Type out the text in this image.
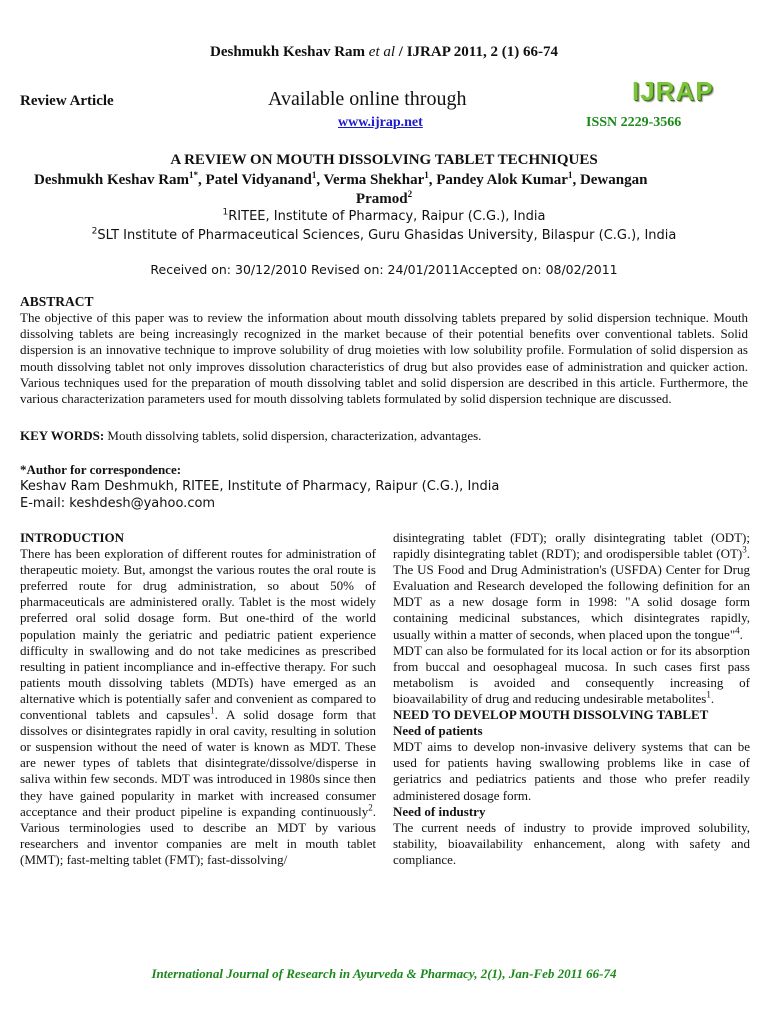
Deshmukh Keshav Ram et al / IJRAP 2011, 2 (1) 66-74
Review Article	Available online through
www.ijrap.net
IJRAP
ISSN 2229-3566
A REVIEW ON MOUTH DISSOLVING TABLET TECHNIQUES
Deshmukh Keshav Ram$^{1*}$, Patel Vidyanand$^1$, Verma Shekhar$^1$, Pandey Alok Kumar$^1$, Dewangan
Pramod$^2$
$^1$RITEE, Institute of Pharmacy, Raipur (C.G.), India
$^2$SLT Institute of Pharmaceutical Sciences, Guru Ghasidas University, Bilaspur (C.G.), India
Received on: 30/12/2010 Revised on: 24/01/2011Accepted on: 08/02/2011
ABSTRACT
The objective of this paper was to review the information about mouth dissolving tablets prepared by solid dispersion technique. Mouth dissolving tablets are being increasingly recognized in the market because of their potential benefits over conventional tablets. Solid dispersion is an innovative technique to improve solubility of drug moieties with low solubility profile. Formulation of solid dispersion as mouth dissolving tablet not only improves dissolution characteristics of drug but also provides ease of administration and quicker action. Various techniques used for the preparation of mouth dissolving tablet and solid dispersion are described in this article. Furthermore, the various characterization parameters used for mouth dissolving tablets formulated by solid dispersion technique are discussed.
KEY WORDS: Mouth dissolving tablets, solid dispersion, characterization, advantages.
*Author for correspondence:
Keshav Ram Deshmukh, RITEE, Institute of Pharmacy, Raipur (C.G.), India
E-mail: keshdesh@yahoo.com

INTRODUCTION

There has been exploration of different routes for administration of therapeutic moiety. But, amongst the various routes the oral route is preferred route for drug administration, so about 50% of pharmaceuticals are administered orally. Tablet is the most widely preferred oral solid dosage form. But one-third of the world population mainly the geriatric and pediatric patient experience difficulty in swallowing and do not take medicines as prescribed resulting in patient incompliance and in-effective therapy. For such patients mouth dissolving tablets (MDTs) have emerged as an alternative which is potentially safer and convenient as compared to conventional tablets and capsules$^1$. A solid dosage form that dissolves or disintegrates rapidly in oral cavity, resulting in solution or suspension without the need of water is known as MDT. These are newer types of tablets that disintegrate/dissolve/disperse in saliva within few seconds. MDT was introduced in 1980s since then they have gained popularity in market with increased consumer acceptance and their product pipeline is expanding continuously$^2$. Various terminologies used to describe an MDT by various researchers and inventor companies are melt in mouth tablet (MMT); fast-melting tablet (FMT); fast-dissolving/

disintegrating tablet (FDT); orally disintegrating tablet (ODT); rapidly disintegrating tablet (RDT); and orodispersible tablet (OT)$^3$. The US Food and Drug Administration's (USFDA) Center for Drug Evaluation and Research developed the following definition for an MDT as a new dosage form in 1998: "A solid dosage form containing medicinal substances, which disintegrates rapidly, usually within a matter of seconds, when placed upon the tongue"$^4$.

MDT can also be formulated for its local action or for its absorption from buccal and oesophageal mucosa. In such cases first pass metabolism is avoided and consequently increasing of bioavailability of drug and reducing undesirable metabolites$^1$.

NEED TO DEVELOP MOUTH DISSOLVING TABLET

Need of patients

MDT aims to develop non-invasive delivery systems that can be used for patients having swallowing problems like in case of geriatrics and pediatrics patients and those who prefer readily administered dosage form.

Need of industry

The current needs of industry to provide improved solubility, stability, bioavailability enhancement, along with safety and compliance.

International Journal of Research in Ayurveda & Pharmacy, 2(1), Jan-Feb 2011 66-74
